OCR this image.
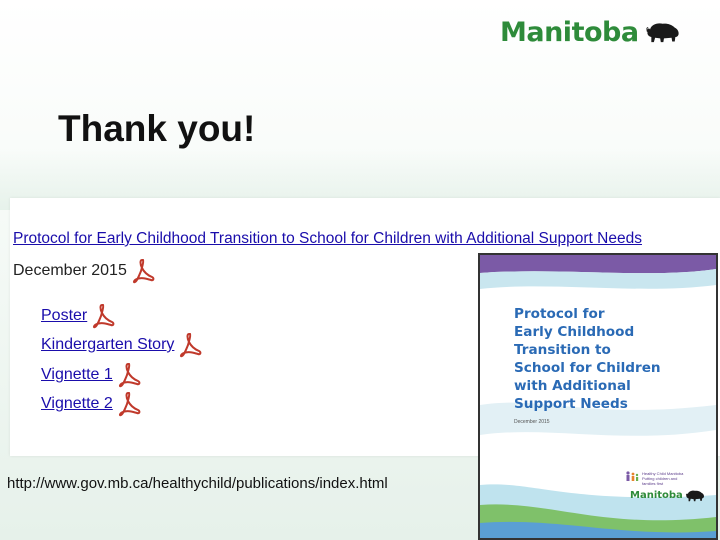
Manitoba
Thank you!
Protocol for Early Childhood Transition to School for Children with Additional Support Needs
December 2015
Poster
Kindergarten Story
Vignette 1
Vignette 2
Protocol for
Early Childhood
Transition to
School for Children
with Additional
Support Needs
December 2015
Healthy Child Manitoba
Putting children and families first
Manitoba
http://www.gov.mb.ca/healthychild/publications/index.html
